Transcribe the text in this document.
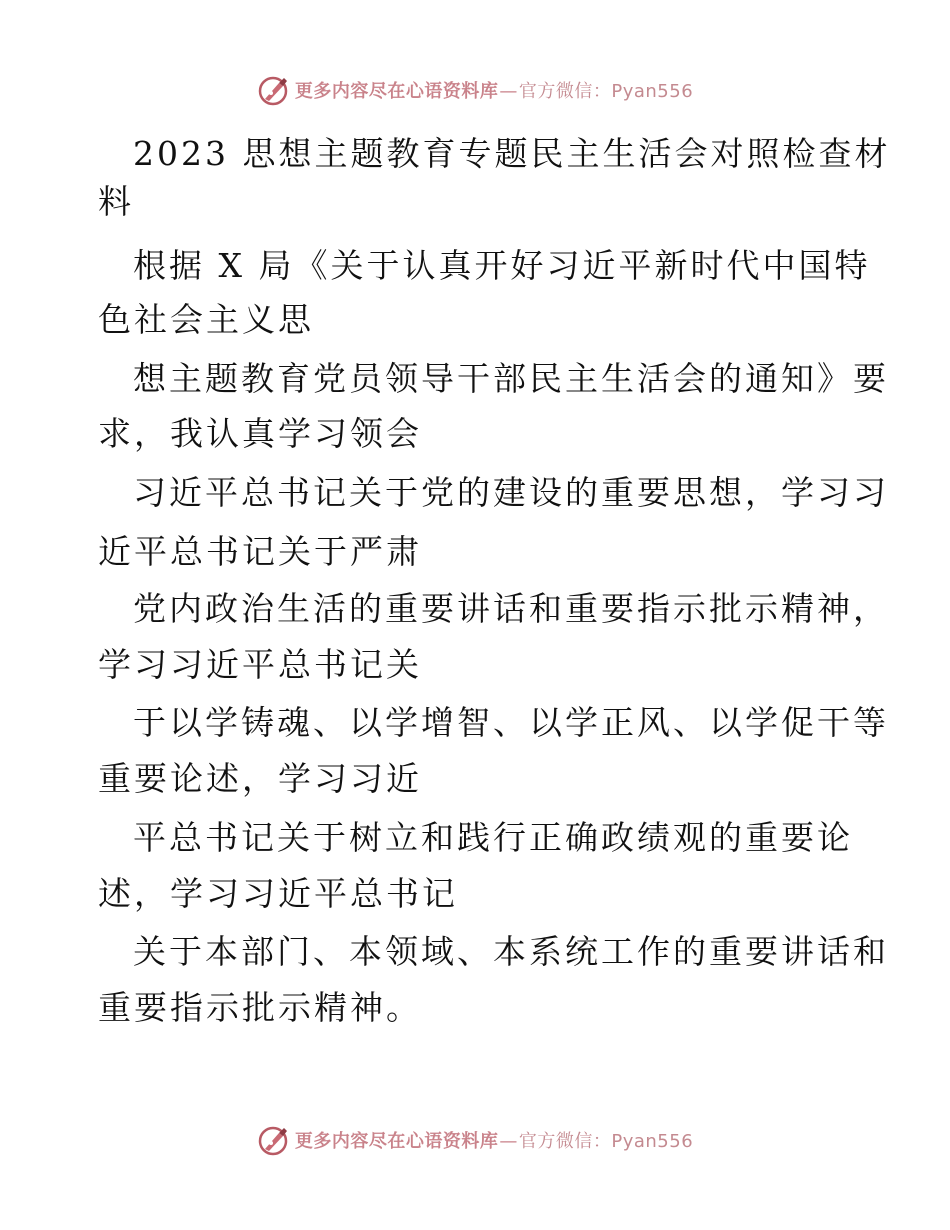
更多内容尽在心语资料库—官方微信：Pyan556
2023 思想主题教育专题民主生活会对照检查材
料
根据 X 局《关于认真开好习近平新时代中国特
色社会主义思
想主题教育党员领导干部民主生活会的通知》要
求，我认真学习领会
习近平总书记关于党的建设的重要思想，学习习
近平总书记关于严肃
党内政治生活的重要讲话和重要指示批示精神，
学习习近平总书记关
于以学铸魂、以学增智、以学正风、以学促干等
重要论述，学习习近
平总书记关于树立和践行正确政绩观的重要论
述，学习习近平总书记
关于本部门、本领域、本系统工作的重要讲话和
重要指示批示精神。
更多内容尽在心语资料库—官方微信：Pyan556
